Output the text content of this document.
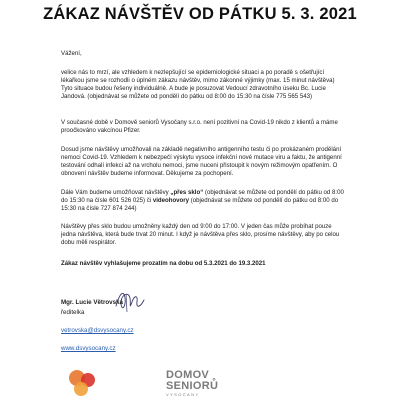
ZÁKAZ NÁVŠTĚV OD PÁTKU 5. 3. 2021
Vážení,
velice nás to mrzí, ale vzhledem k nezlepšující se epidemiologické situaci a po poradě s ošetřující lékařkou jsme se rozhodli o úplném zákazu návštěv, mimo zákonné výjimky (max. 15 minut návštěva) Tyto situace budou řešeny individuálně. A bude je posuzovat Vedoucí zdravotního úseku Bc. Lucie Jandová. (objednávat se můžete od pondělí do pátku od 8:00 do 15:30 na čísle 775 565 543)
V současné době v Domově seniorů Vysočany s.r.o. není pozitivní na Covid-19 nikdo z klientů a máme proočkováno vakcínou Pfizer.
Dosud jsme návštěvy umožňovali na základě negativního antigenního testu či po prokázaném prodělání nemoci Covid-19. Vzhledem k nebezpečí výskytu vysoce infekční nové mutace viru a faktu, že antigenní testování odhalí infekci až na vrcholu nemoci, jsme nuceni přistoupit k novým režimovým opatřením. O obnovení návštěv budeme informovat. Děkujeme za pochopení.
Dále Vám budeme umožňovat návštěvy „přes sklo“ (objednávat se můžete od pondělí do pátku od 8:00 do 15:30 na čísle 601 526 025) či videohovory (objednávat se můžete od pondělí do pátku od 8:00 do 15:30 na čísle 727 874 244)
Návštěvy přes sklo budou umožněny každý den od 9:00 do 17:00. V jeden čas může probíhat pouze jedna návštěva, která bude trvat 20 minut. I když je návštěva přes sklo, prosíme návštěvy, aby po celou dobu měli respirátor.
Zákaz návštěv vyhlašujeme prozatím na dobu od 5.3.2021 do 19.3.2021
Mgr. Lucie Větrovská
ředitelka
vetrovska@dsvysocany.cz
www.dsvysocany.cz
DOMOV
SENIORŮ
VYSOČANY
